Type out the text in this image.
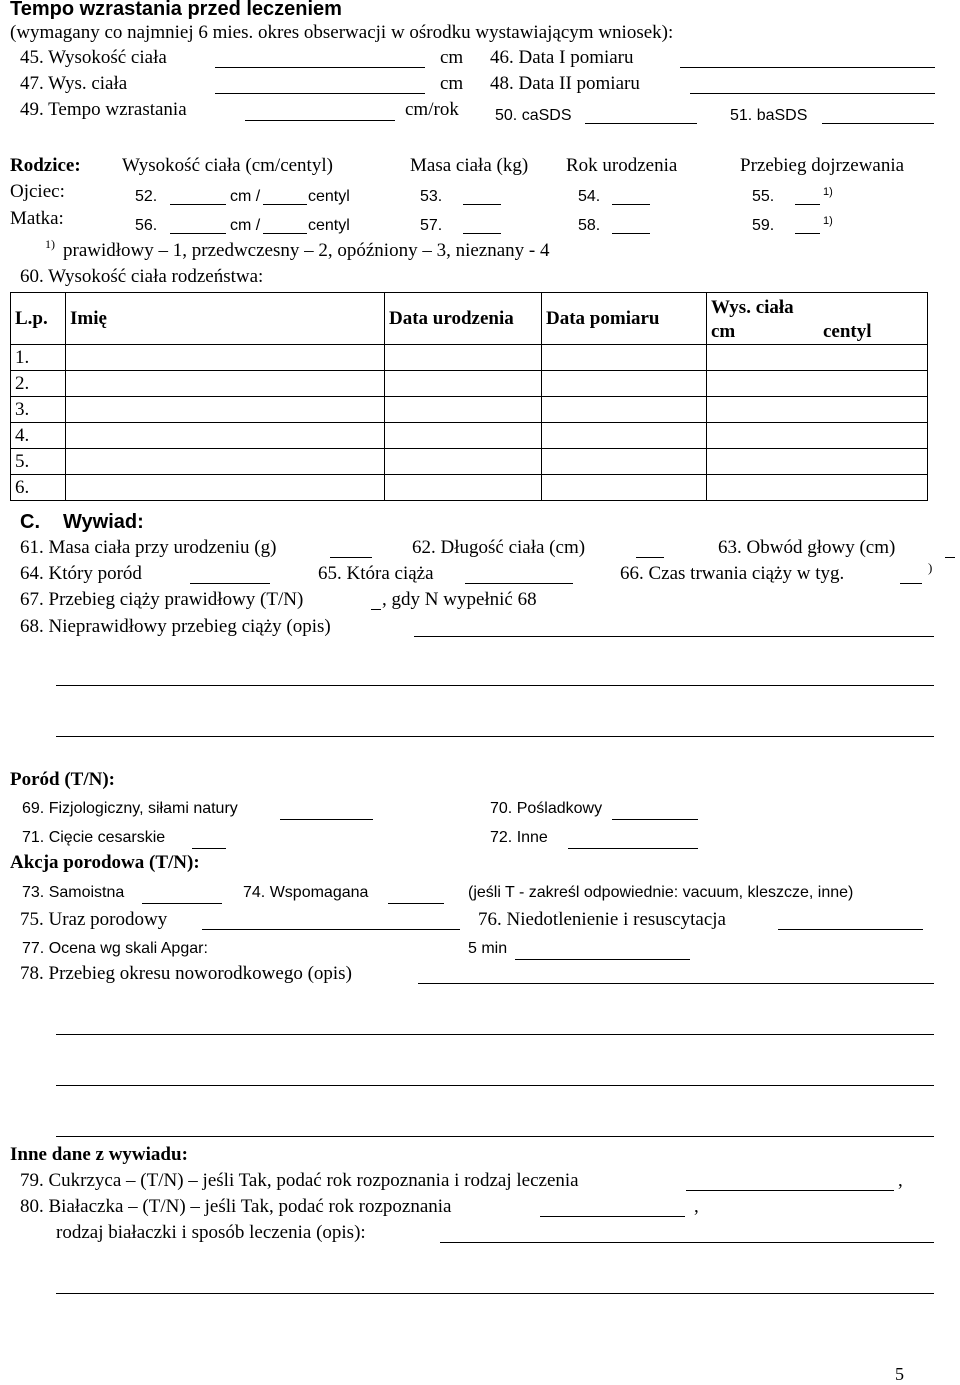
Tempo wzrastania przed leczeniem
(wymagany co najmniej 6 mies. okres obserwacji w ośrodku wystawiającym wniosek):
45. Wysokość ciała	cm 46. Data I pomiaru
47. Wys. ciała	cm 48. Data II pomiaru
49. Tempo wzrastania	cm/rok 50. caSDS	51. baSDS
Rodzice: Wysokość ciała (cm/centyl)	Masa ciała (kg) Rok urodzenia	Przebieg dojrzewania
Ojciec:	52.	cm /	centyl	53.	54.	55.	1)
Matka:	56.	cm /	centyl	57.	58.	59.	1)
1) prawidłowy – 1, przedwczesny – 2, opóźniony – 3, nieznany - 4
60. Wysokość ciała rodzeństwa:
L.p.	Imię	Data urodzenia	Data pomiaru	Wys. ciała	
				cm	centyl
1.					
2.					
3.					
4.					
5.					
6.					
C. Wywiad:
61. Masa ciała przy urodzeniu (g)	62. Długość ciała (cm)	63. Obwód głowy (cm)
64. Który poród	65. Która ciąża	66. Czas trwania ciąży w tyg.	)
67. Przebieg ciąży prawidłowy (T/N)	, gdy N wypełnić 68
68. Nieprawidłowy przebieg ciąży (opis)
Poród (T/N):
69. Fizjologiczny, siłami natury	70. Pośladkowy
71. Cięcie cesarskie	72. Inne
Akcja porodowa (T/N):
73. Samoistna	74. Wspomagana	(jeśli T - zakreśl odpowiednie: vacuum, kleszcze, inne)
75. Uraz porodowy	76. Niedotlenienie i resuscytacja
77. Ocena wg skali Apgar:	5 min
78. Przebieg okresu noworodkowego (opis)
Inne dane z wywiadu:
79. Cukrzyca – (T/N) – jeśli Tak, podać rok rozpoznania i rodzaj leczenia	,
80. Białaczka – (T/N) – jeśli Tak, podać rok rozpoznania	,
rodzaj białaczki i sposób leczenia (opis):
5
